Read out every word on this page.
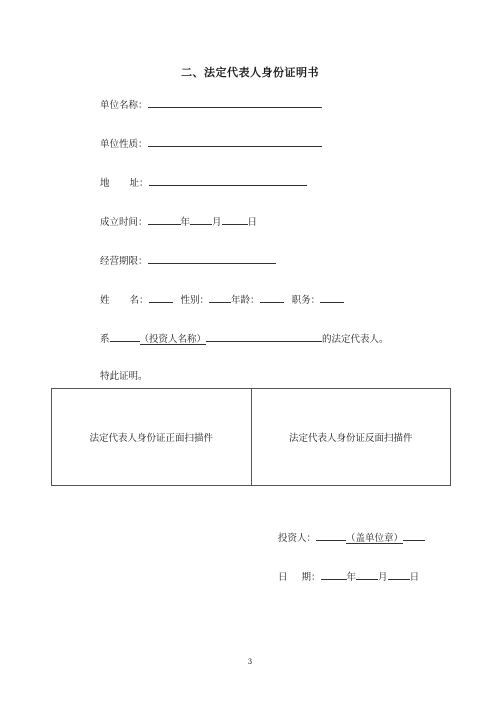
二、法定代表人身份证明书
单位名称：
单位性质：
地 址：
成立时间：	年 月	日
经营期限：
姓 名：	性别： 年龄：	职务：
系	（投资人名称）	的法定代表人。
特此证明。
法定代表人身份证正面扫描件	法定代表人身份证反面扫描件
投资人：	（盖单位章）
日 期：	年 月 日
3
